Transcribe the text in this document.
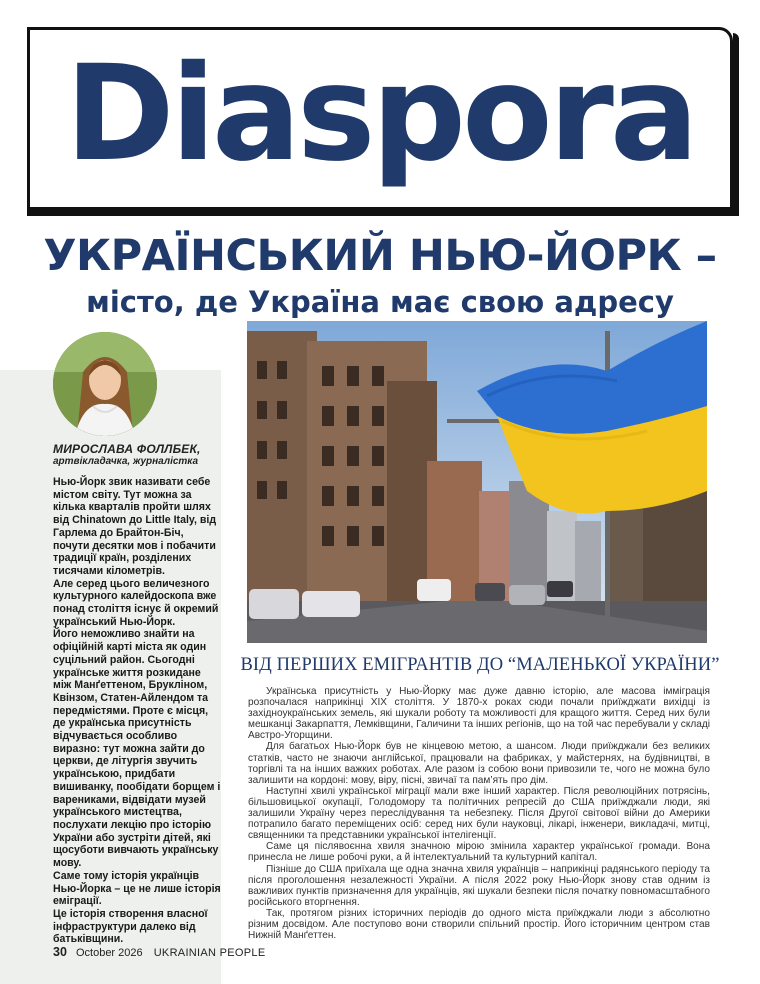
Diaspora
УКРАЇНСЬКИЙ НЬЮ-ЙОРК –
місто, де Україна має свою адресу
МИРОСЛАВА ФОЛЛБЕК,
артвікладачка, журналістка

Нью-Йорк звик називати себе містом світу. Тут можна за кілька кварталів пройти шлях від Chinatown до Little Italy, від Гарлема до Брайтон-Біч, почути десятки мов і побачити традиції країн, розділених тисячами кілометрів.

Але серед цього величезного культурного калейдоскопа вже понад століття існує й окремий український Нью-Йорк.

Його неможливо знайти на офіційній карті міста як один суцільний район. Сьогодні українське життя розкидане між Манґеттеном, Брукліном, Квінзом, Статен-Айлендом та передмістями. Проте є місця, де українська присутність відчувається особливо виразно: тут можна зайти до церкви, де літургія звучить українською, придбати вишиванку, пообідати борщем і варениками, відвідати музей українського мистецтва, послухати лекцію про історію України або зустріти дітей, які щосуботи вивчають українську мову.

Саме тому історія українців Нью-Йорка – це не лише історія еміграції.

Це історія створення власної інфраструктури далеко від батьківщини.

ВІД ПЕРШИХ ЕМІГРАНТІВ ДО “МАЛЕНЬКОЇ УКРАЇНИ”

Українська присутність у Нью-Йорку має дуже давню історію, але масова імміграція розпочалася наприкінці XIX століття. У 1870-х роках сюди почали приїжджати вихідці із західноукраїнських земель, які шукали роботу та можливості для кращого життя. Серед них були мешканці Закарпаття, Лемківщини, Галичини та інших регіонів, що на той час перебували у складі Австро-Угорщини.

Для багатьох Нью-Йорк був не кінцевою метою, а шансом. Люди приїжджали без великих статків, часто не знаючи англійської, працювали на фабриках, у майстернях, на будівництві, в торгівлі та на інших важких роботах. Але разом із собою вони привозили те, чого не можна було залишити на кордоні: мову, віру, пісні, звичаї та пам’ять про дім.

Наступні хвилі української міграції мали вже інший характер. Після революційних потрясінь, більшовицької окупації, Голодомору та політичних репресій до США приїжджали люди, які залишили Україну через переслідування та небезпеку. Після Другої світової війни до Америки потрапило багато переміщених осіб: серед них були науковці, лікарі, інженери, викладачі, митці, священники та представники української інтелігенції.

Саме ця післявоєнна хвиля значною мірою змінила характер української громади. Вона принесла не лише робочі руки, а й інтелектуальний та культурний капітал.

Пізніше до США приїхала ще одна значна хвиля українців – наприкінці радянського періоду та після проголошення незалежності України. А після 2022 року Нью-Йорк знову став одним із важливих пунктів призначення для українців, які шукали безпеки після початку повномасштабного російського вторгнення.

Так, протягом різних історичних періодів до одного міста приїжджали люди з абсолютно різним досвідом. Але поступово вони створили спільний простір. Його історичним центром став Нижній Манґеттен.

30 October 2026 UKRAINIAN PEOPLE
